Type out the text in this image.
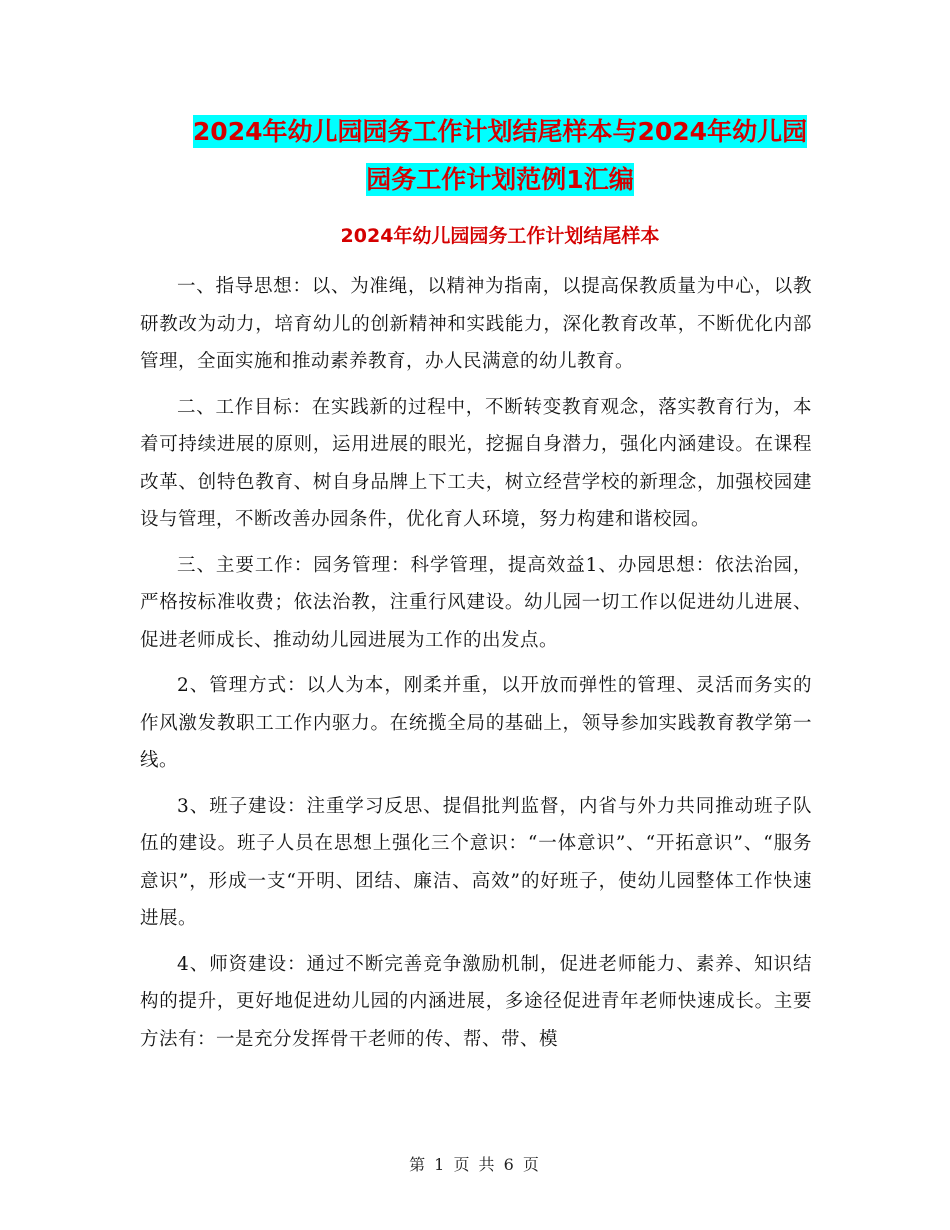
2024年幼儿园园务工作计划结尾样本与2024年幼儿园
园务工作计划范例1汇编
2024年幼儿园园务工作计划结尾样本

一、指导思想：以、为准绳，以精神为指南，以提高保教质量为中心，以教研教改为动力，培育幼儿的创新精神和实践能力，深化教育改革，不断优化内部管理，全面实施和推动素养教育，办人民满意的幼儿教育。

二、工作目标：在实践新的过程中，不断转变教育观念，落实教育行为，本着可持续进展的原则，运用进展的眼光，挖掘自身潜力，强化内涵建设。在课程改革、创特色教育、树自身品牌上下工夫，树立经营学校的新理念，加强校园建设与管理，不断改善办园条件，优化育人环境，努力构建和谐校园。

三、主要工作：园务管理：科学管理，提高效益1、办园思想：依法治园，严格按标准收费；依法治教，注重行风建设。幼儿园一切工作以促进幼儿进展、促进老师成长、推动幼儿园进展为工作的出发点。

2、管理方式：以人为本，刚柔并重，以开放而弹性的管理、灵活而务实的作风激发教职工工作内驱力。在统揽全局的基础上，领导参加实践教育教学第一线。

3、班子建设：注重学习反思、提倡批判监督，内省与外力共同推动班子队伍的建设。班子人员在思想上强化三个意识：“一体意识”、“开拓意识”、“服务意识”，形成一支“开明、团结、廉洁、高效”的好班子，使幼儿园整体工作快速进展。

4、师资建设：通过不断完善竞争激励机制，促进老师能力、素养、知识结构的提升，更好地促进幼儿园的内涵进展，多途径促进青年老师快速成长。主要方法有：一是充分发挥骨干老师的传、帮、带、模

第 1 页 共 6 页
